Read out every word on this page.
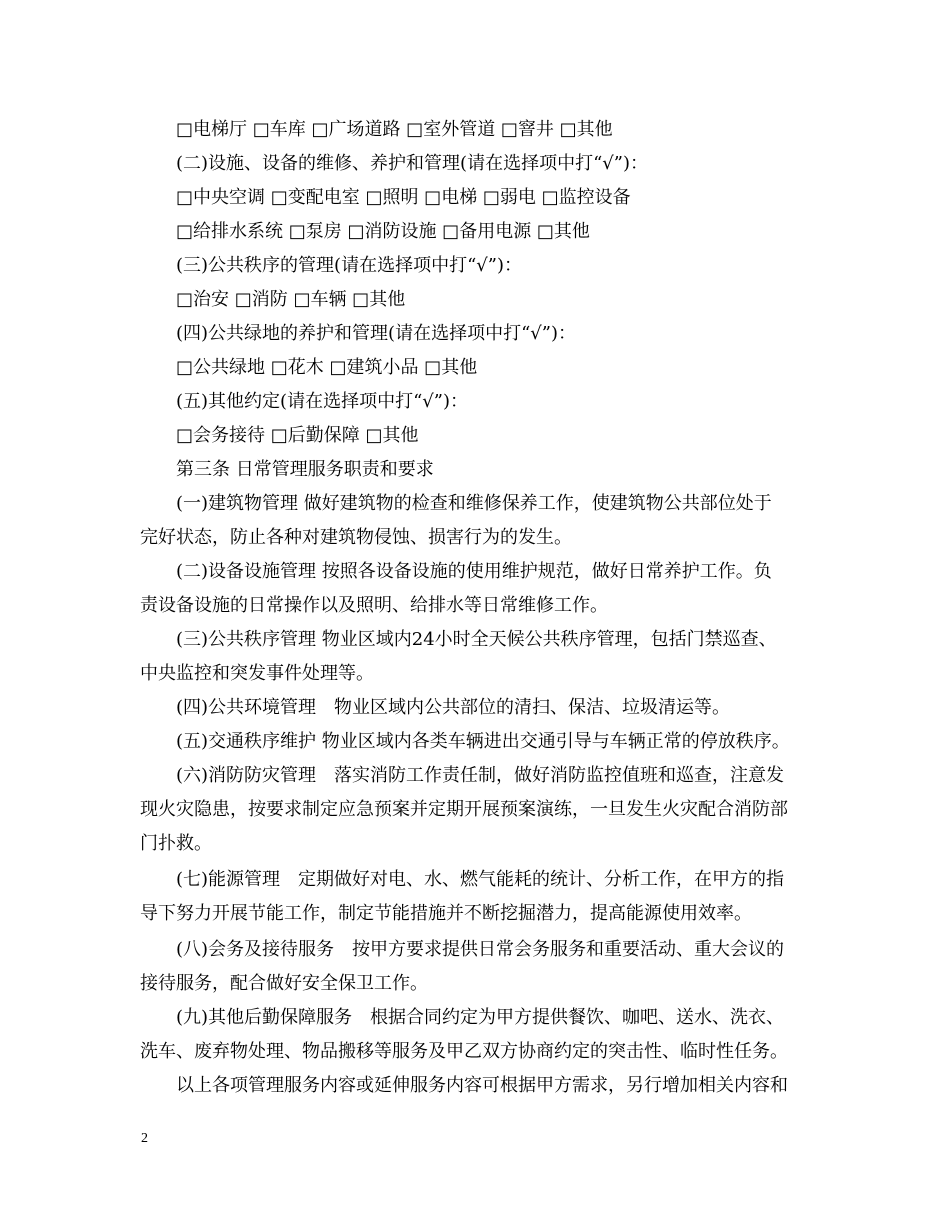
□电梯厅 □车库 □广场道路 □室外管道 □窨井 □其他
(二)设施、设备的维修、养护和管理(请在选择项中打“√”)：
□中央空调 □变配电室 □照明 □电梯 □弱电 □监控设备
□给排水系统 □泵房 □消防设施 □备用电源 □其他
(三)公共秩序的管理(请在选择项中打“√”)：
□治安 □消防 □车辆 □其他
(四)公共绿地的养护和管理(请在选择项中打“√”)：
□公共绿地 □花木 □建筑小品 □其他
(五)其他约定(请在选择项中打“√”)：
□会务接待 □后勤保障 □其他
第三条 日常管理服务职责和要求
(一)建筑物管理 做好建筑物的检查和维修保养工作，使建筑物公共部位处于
完好状态，防止各种对建筑物侵蚀、损害行为的发生。
(二)设备设施管理 按照各设备设施的使用维护规范，做好日常养护工作。负
责设备设施的日常操作以及照明、给排水等日常维修工作。
(三)公共秩序管理 物业区域内24小时全天候公共秩序管理，包括门禁巡查、
中央监控和突发事件处理等。
(四)公共环境管理　物业区域内公共部位的清扫、保洁、垃圾清运等。
(五)交通秩序维护 物业区域内各类车辆进出交通引导与车辆正常的停放秩序。
(六)消防防灾管理　落实消防工作责任制，做好消防监控值班和巡查，注意发
现火灾隐患，按要求制定应急预案并定期开展预案演练，一旦发生火灾配合消防部
门扑救。
(七)能源管理　定期做好对电、水、燃气能耗的统计、分析工作，在甲方的指
导下努力开展节能工作，制定节能措施并不断挖掘潜力，提高能源使用效率。
(八)会务及接待服务　按甲方要求提供日常会务服务和重要活动、重大会议的
接待服务，配合做好安全保卫工作。
(九)其他后勤保障服务　根据合同约定为甲方提供餐饮、咖吧、送水、洗衣、
洗车、废弃物处理、物品搬移等服务及甲乙双方协商约定的突击性、临时性任务。
以上各项管理服务内容或延伸服务内容可根据甲方需求，另行增加相关内容和
2
